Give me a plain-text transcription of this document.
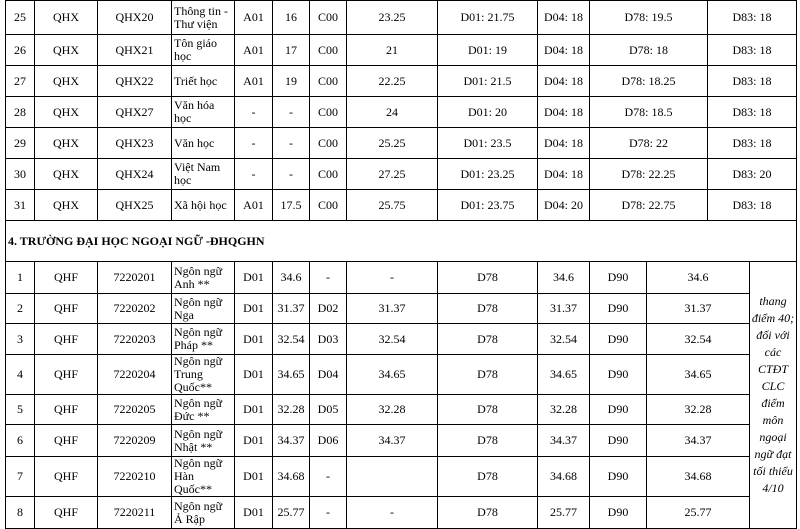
25	QHX	QHX20	Thông tin - Thư viện	A01	16	C00	23.25	D01: 21.75	D04: 18	D78: 19.5		D83: 18	
26	QHX	QHX21	Tôn giáo học	A01	17	C00	21	D01: 19	D04: 18	D78: 18		D83: 18	
27	QHX	QHX22	Triết học	A01	19	C00	22.25	D01: 21.5	D04: 18	D78: 18.25		D83: 18	
28	QHX	QHX27	Văn hóa học	-	-	C00	24	D01: 20	D04: 18	D78: 18.5		D83: 18	
29	QHX	QHX23	Văn học	-	-	C00	25.25	D01: 23.5	D04: 18	D78: 22		D83: 18	
30	QHX	QHX24	Việt Nam học	-	-	C00	27.25	D01: 23.25	D04: 18	D78: 22.25		D83: 20	
31	QHX	QHX25	Xã hội học	A01	17.5	C00	25.75	D01: 23.75	D04: 20	D78: 22.75		D83: 18	
4. TRƯỜNG ĐẠI HỌC NGOẠI NGỮ -ĐHQGHN													
1	QHF	7220201	Ngôn ngữ Anh **	D01	34.6	-	-	D78	34.6	D90	34.6		thang điểm 40; đối với các CTĐT CLC điểm môn ngoại ngữ đạt tối thiểu 4/10
2	QHF	7220202	Ngôn ngữ Nga	D01	31.37	D02	31.37	D78	31.37	D90	31.37		
3	QHF	7220203	Ngôn ngữ Pháp **	D01	32.54	D03	32.54	D78	32.54	D90	32.54		
4	QHF	7220204	Ngôn ngữ Trung Quốc**	D01	34.65	D04	34.65	D78	34.65	D90	34.65		
5	QHF	7220205	Ngôn ngữ Đức **	D01	32.28	D05	32.28	D78	32.28	D90	32.28		
6	QHF	7220209	Ngôn ngữ Nhật **	D01	34.37	D06	34.37	D78	34.37	D90	34.37		
7	QHF	7220210	Ngôn ngữ Hàn Quốc**	D01	34.68	-		D78	34.68	D90	34.68		
8	QHF	7220211	Ngôn ngữ Ả Rập	D01	25.77	-	-	D78	25.77	D90	25.77		
